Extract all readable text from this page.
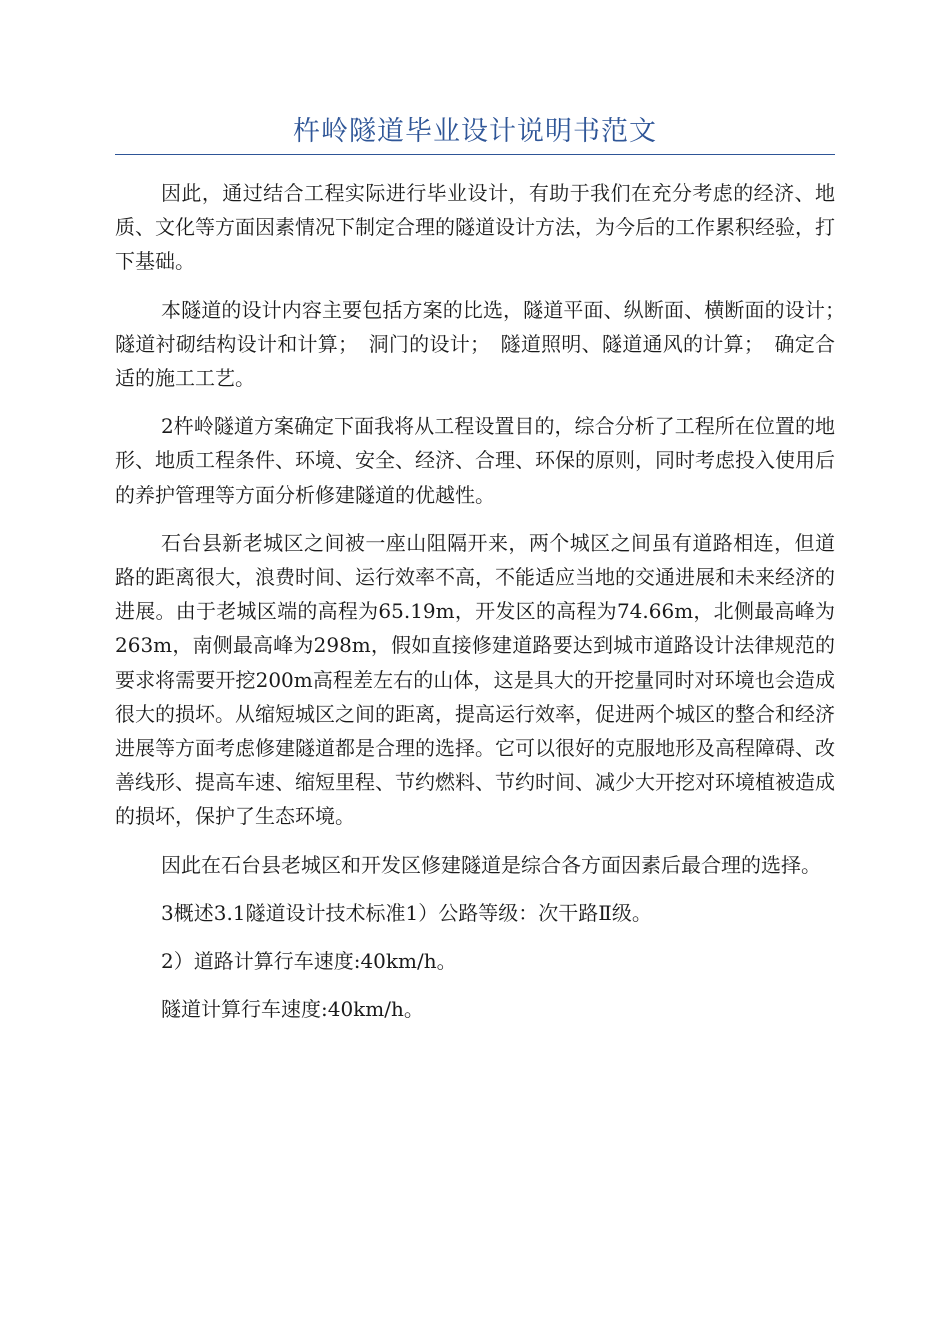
杵岭隧道毕业设计说明书范文

因此，通过结合工程实际进行毕业设计，有助于我们在充分考虑的经济、地质、文化等方面因素情况下制定合理的隧道设计方法，为今后的工作累积经验，打下基础。

本隧道的设计内容主要包括方案的比选，隧道平面、纵断面、横断面的设计；　隧道衬砌结构设计和计算；　洞门的设计；　隧道照明、隧道通风的计算；　确定合适的施工工艺。

2杵岭隧道方案确定下面我将从工程设置目的，综合分析了工程所在位置的地形、地质工程条件、环境、安全、经济、合理、环保的原则，同时考虑投入使用后的养护管理等方面分析修建隧道的优越性。

石台县新老城区之间被一座山阻隔开来，两个城区之间虽有道路相连，但道路的距离很大，浪费时间、运行效率不高，不能适应当地的交通进展和未来经济的进展。由于老城区端的高程为65.19m，开发区的高程为74.66m，北侧最高峰为263m，南侧最高峰为298m，假如直接修建道路要达到城市道路设计法律规范的要求将需要开挖200m高程差左右的山体，这是具大的开挖量同时对环境也会造成很大的损坏。从缩短城区之间的距离，提高运行效率，促进两个城区的整合和经济进展等方面考虑修建隧道都是合理的选择。它可以很好的克服地形及高程障碍、改善线形、提高车速、缩短里程、节约燃料、节约时间、减少大开挖对环境植被造成的损坏，保护了生态环境。

因此在石台县老城区和开发区修建隧道是综合各方面因素后最合理的选择。

3概述3.1隧道设计技术标准1）公路等级：次干路Ⅱ级。

2）道路计算行车速度:40km/h。

隧道计算行车速度:40km/h。
